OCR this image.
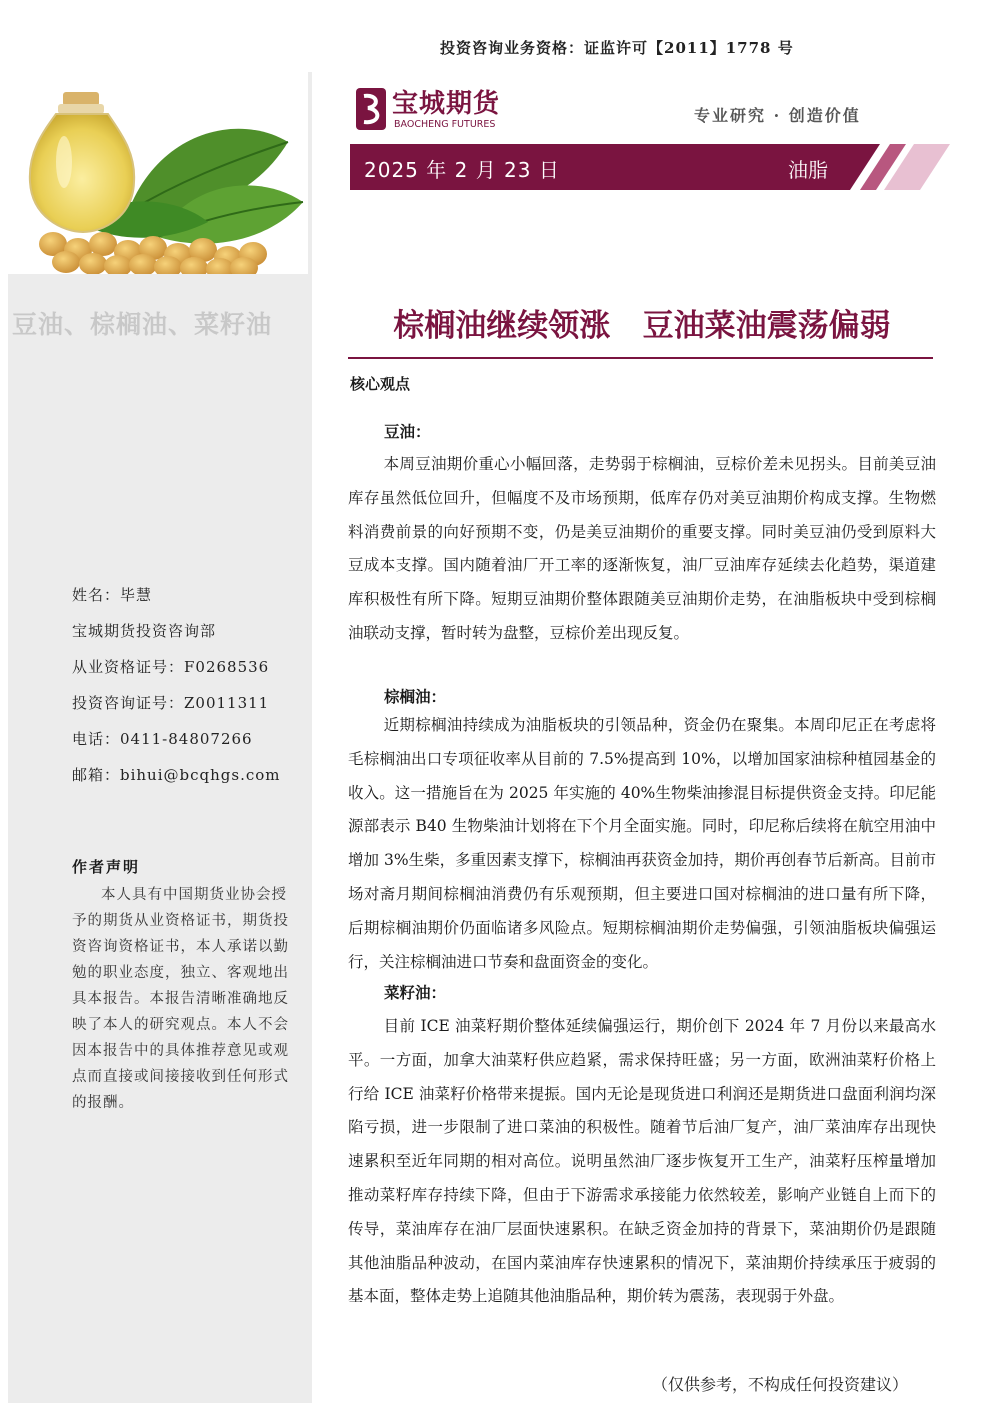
豆油、棕榈油、菜籽油
姓名：毕慧
宝城期货投资咨询部
从业资格证号：F0268536
投资咨询证号：Z0011311
电话：0411-84807266
邮箱：bihui@bcqhgs.com
作者声明
本人具有中国期货业协会授予的期货从业资格证书，期货投资咨询资格证书，本人承诺以勤勉的职业态度，独立、客观地出具本报告。本报告清晰准确地反映了本人的研究观点。本人不会因本报告中的具体推荐意见或观点而直接或间接接收到任何形式的报酬。
投资咨询业务资格：证监许可【2011】1778 号
宝城期货
BAOCHENG FUTURES	专业研究 · 创造价值
2025 年 2 月 23 日	油脂
棕榈油继续领涨   豆油菜油震荡偏弱
核心观点
豆油：
本周豆油期价重心小幅回落，走势弱于棕榈油，豆棕价差未见拐头。目前美豆油库存虽然低位回升，但幅度不及市场预期，低库存仍对美豆油期价构成支撑。生物燃料消费前景的向好预期不变，仍是美豆油期价的重要支撑。同时美豆油仍受到原料大豆成本支撑。国内随着油厂开工率的逐渐恢复，油厂豆油库存延续去化趋势，渠道建库积极性有所下降。短期豆油期价整体跟随美豆油期价走势，在油脂板块中受到棕榈油联动支撑，暂时转为盘整，豆棕价差出现反复。
棕榈油：
近期棕榈油持续成为油脂板块的引领品种，资金仍在聚集。本周印尼正在考虑将毛棕榈油出口专项征收率从目前的 7.5%提高到 10%，以增加国家油棕种植园基金的收入。这一措施旨在为 2025 年实施的 40%生物柴油掺混目标提供资金支持。印尼能源部表示 B40 生物柴油计划将在下个月全面实施。同时，印尼称后续将在航空用油中增加 3%生柴，多重因素支撑下，棕榈油再获资金加持，期价再创春节后新高。目前市场对斋月期间棕榈油消费仍有乐观预期，但主要进口国对棕榈油的进口量有所下降，后期棕榈油期价仍面临诸多风险点。短期棕榈油期价走势偏强，引领油脂板块偏强运行，关注棕榈油进口节奏和盘面资金的变化。
菜籽油：
目前 ICE 油菜籽期价整体延续偏强运行，期价创下 2024 年 7 月份以来最高水平。一方面，加拿大油菜籽供应趋紧，需求保持旺盛；另一方面，欧洲油菜籽价格上行给 ICE 油菜籽价格带来提振。国内无论是现货进口利润还是期货进口盘面利润均深陷亏损，进一步限制了进口菜油的积极性。随着节后油厂复产，油厂菜油库存出现快速累积至近年同期的相对高位。说明虽然油厂逐步恢复开工生产，油菜籽压榨量增加推动菜籽库存持续下降，但由于下游需求承接能力依然较差，影响产业链自上而下的传导，菜油库存在油厂层面快速累积。在缺乏资金加持的背景下，菜油期价仍是跟随其他油脂品种波动，在国内菜油库存快速累积的情况下，菜油期价持续承压于疲弱的基本面，整体走势上追随其他油脂品种，期价转为震荡，表现弱于外盘。
（仅供参考，不构成任何投资建议）
